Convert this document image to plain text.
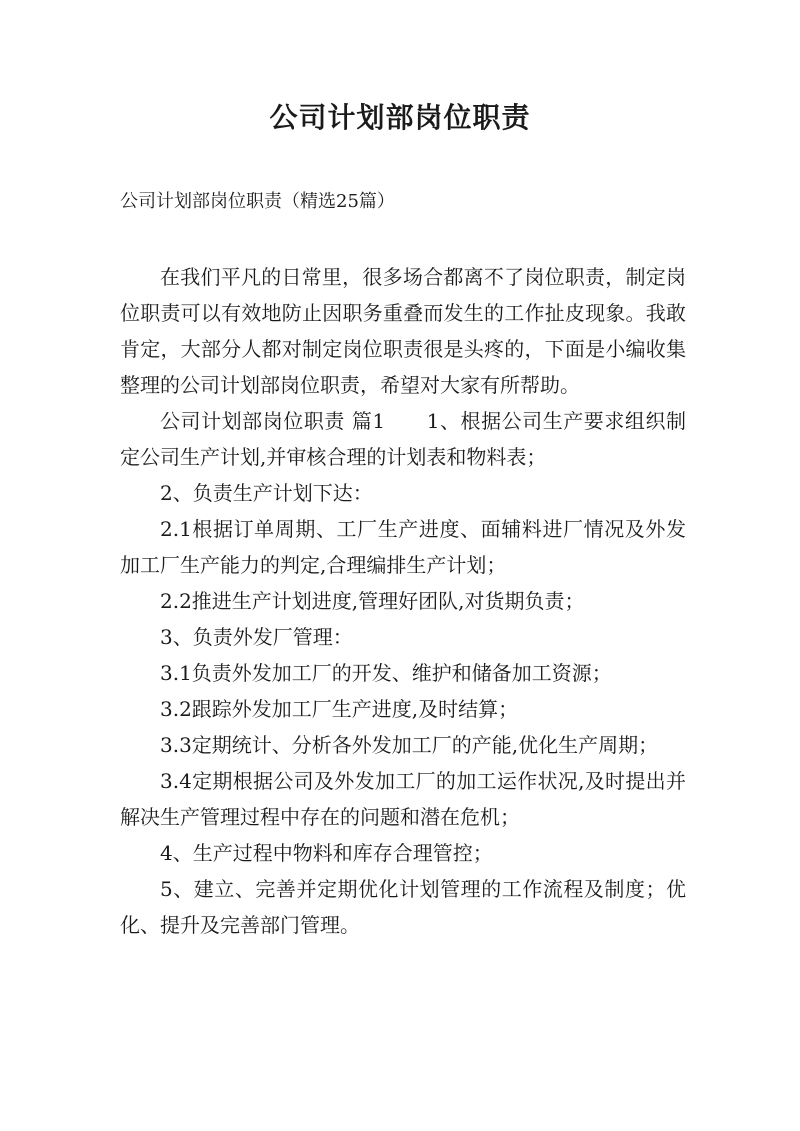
公司计划部岗位职责

公司计划部岗位职责（精选25篇）

在我们平凡的日常里，很多场合都离不了岗位职责，制定岗位职责可以有效地防止因职务重叠而发生的工作扯皮现象。我敢肯定，大部分人都对制定岗位职责很是头疼的，下面是小编收集整理的公司计划部岗位职责，希望对大家有所帮助。

公司计划部岗位职责 篇1　　1、根据公司生产要求组织制定公司生产计划,并审核合理的计划表和物料表；

2、负责生产计划下达：

2.1根据订单周期、工厂生产进度、面辅料进厂情况及外发加工厂生产能力的判定,合理编排生产计划；

2.2推进生产计划进度,管理好团队,对货期负责；

3、负责外发厂管理：

3.1负责外发加工厂的开发、维护和储备加工资源；

3.2跟踪外发加工厂生产进度,及时结算；

3.3定期统计、分析各外发加工厂的产能,优化生产周期；

3.4定期根据公司及外发加工厂的加工运作状况,及时提出并解决生产管理过程中存在的问题和潜在危机；

4、生产过程中物料和库存合理管控；

5、建立、完善并定期优化计划管理的工作流程及制度；优化、提升及完善部门管理。
